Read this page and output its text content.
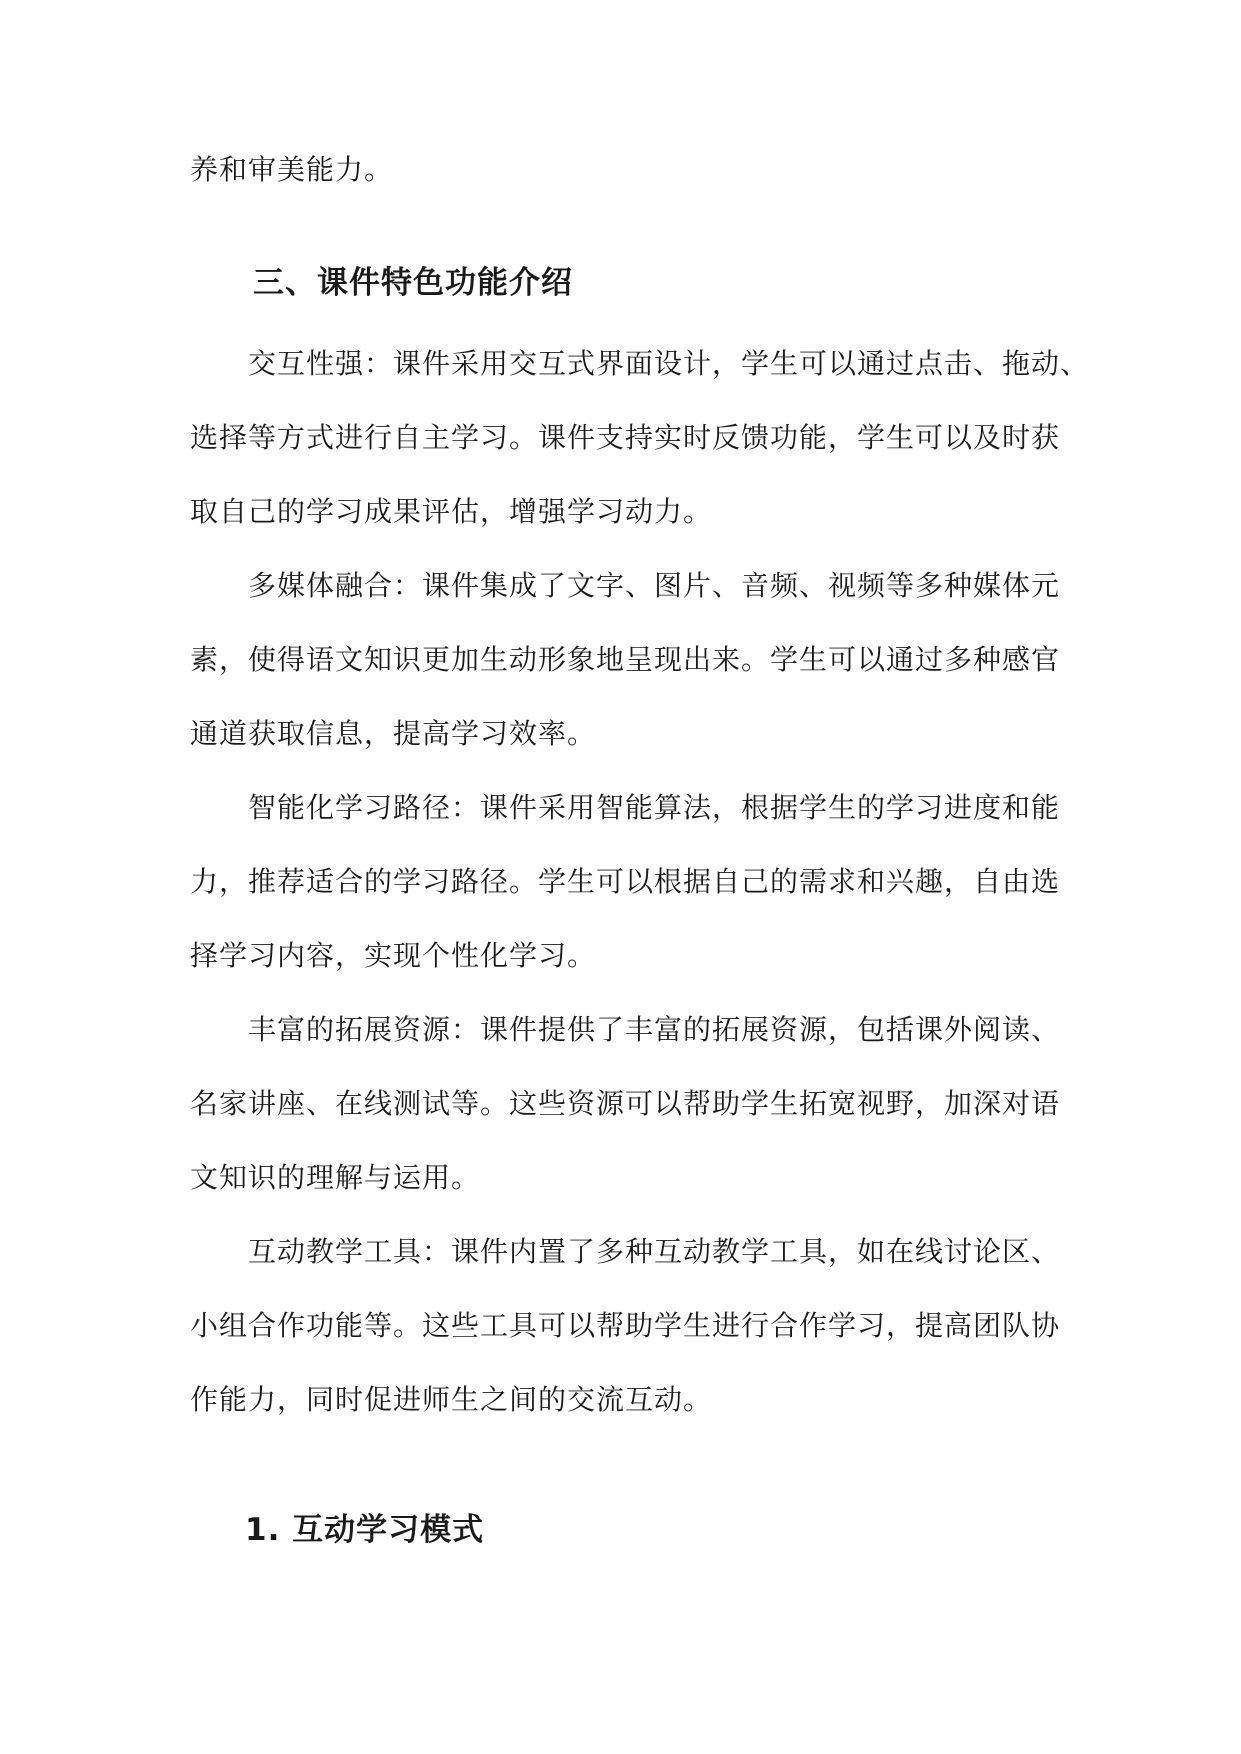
养和审美能力。
三、课件特色功能介绍
交互性强：课件采用交互式界面设计，学生可以通过点击、拖动、
选择等方式进行自主学习。课件支持实时反馈功能，学生可以及时获
取自己的学习成果评估，增强学习动力。
多媒体融合：课件集成了文字、图片、音频、视频等多种媒体元
素，使得语文知识更加生动形象地呈现出来。学生可以通过多种感官
通道获取信息，提高学习效率。
智能化学习路径：课件采用智能算法，根据学生的学习进度和能
力，推荐适合的学习路径。学生可以根据自己的需求和兴趣，自由选
择学习内容，实现个性化学习。
丰富的拓展资源：课件提供了丰富的拓展资源，包括课外阅读、
名家讲座、在线测试等。这些资源可以帮助学生拓宽视野，加深对语
文知识的理解与运用。
互动教学工具：课件内置了多种互动教学工具，如在线讨论区、
小组合作功能等。这些工具可以帮助学生进行合作学习，提高团队协
作能力，同时促进师生之间的交流互动。
1. 互动学习模式
